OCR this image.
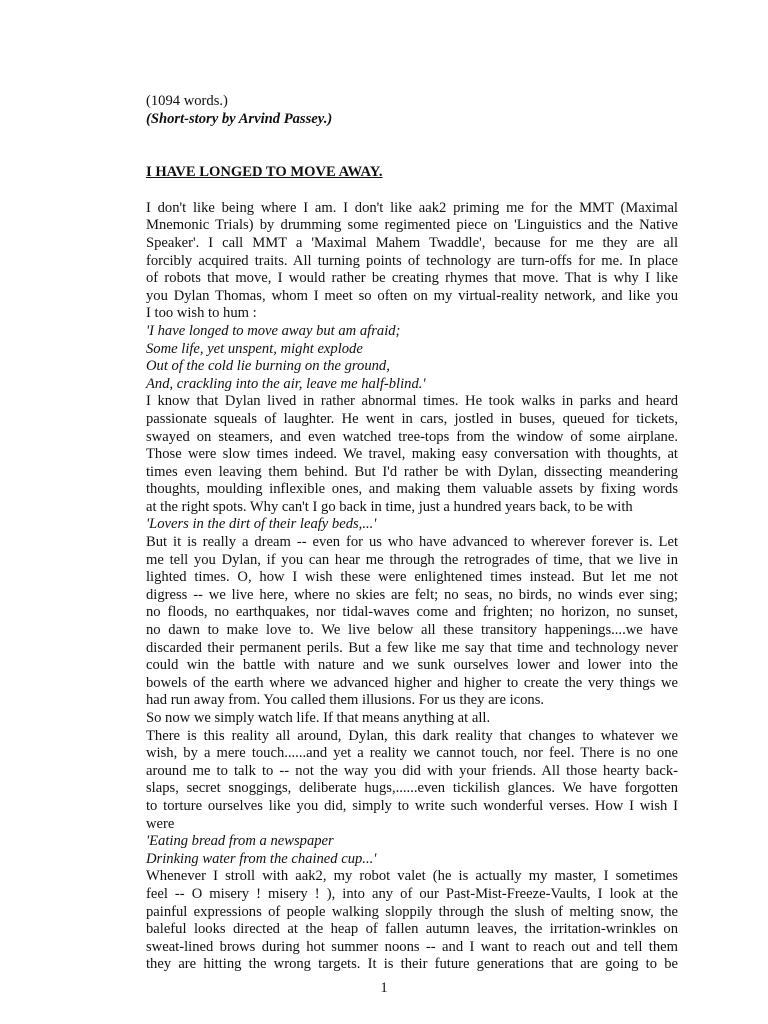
(1094 words.)
(Short-story by Arvind Passey.)
I HAVE LONGED TO MOVE AWAY.
I don't like being where I am. I don't like aak2 priming me for the MMT (Maximal
Mnemonic Trials) by drumming some regimented piece on 'Linguistics and the Native
Speaker'. I call MMT a 'Maximal Mahem Twaddle', because for me they are all
forcibly acquired traits. All turning points of technology are turn-offs for me. In place
of robots that move, I would rather be creating rhymes that move. That is why I like
you Dylan Thomas, whom I meet so often on my virtual-reality network, and like you
I too wish to hum :
'I have longed to move away but am afraid;
Some life, yet unspent, might explode
Out of the cold lie burning on the ground,
And, crackling into the air, leave me half-blind.'
I know that Dylan lived in rather abnormal times. He took walks in parks and heard
passionate squeals of laughter. He went in cars, jostled in buses, queued for tickets,
swayed on steamers, and even watched tree-tops from the window of some airplane.
Those were slow times indeed. We travel, making easy conversation with thoughts, at
times even leaving them behind. But I'd rather be with Dylan, dissecting meandering
thoughts, moulding inflexible ones, and making them valuable assets by fixing words
at the right spots. Why can't I go back in time, just a hundred years back, to be with
'Lovers in the dirt of their leafy beds,...'
But it is really a dream -- even for us who have advanced to wherever forever is. Let
me tell you Dylan, if you can hear me through the retrogrades of time, that we live in
lighted times. O, how I wish these were enlightened times instead. But let me not
digress -- we live here, where no skies are felt; no seas, no birds, no winds ever sing;
no floods, no earthquakes, nor tidal-waves come and frighten; no horizon, no sunset,
no dawn to make love to. We live below all these transitory happenings....we have
discarded their permanent perils. But a few like me say that time and technology never
could win the battle with nature and we sunk ourselves lower and lower into the
bowels of the earth where we advanced higher and higher to create the very things we
had run away from. You called them illusions. For us they are icons.
So now we simply watch life. If that means anything at all.
There is this reality all around, Dylan, this dark reality that changes to whatever we
wish, by a mere touch......and yet a reality we cannot touch, nor feel. There is no one
around me to talk to -- not the way you did with your friends. All those hearty back-
slaps, secret snoggings, deliberate hugs,......even tickilish glances. We have forgotten
to torture ourselves like you did, simply to write such wonderful verses. How I wish I
were
'Eating bread from a newspaper
Drinking water from the chained cup...'
Whenever I stroll with aak2, my robot valet (he is actually my master, I sometimes
feel -- O misery ! misery ! ), into any of our Past-Mist-Freeze-Vaults, I look at the
painful expressions of people walking sloppily through the slush of melting snow, the
baleful looks directed at the heap of fallen autumn leaves, the irritation-wrinkles on
sweat-lined brows during hot summer noons -- and I want to reach out and tell them
they are hitting the wrong targets. It is their future generations that are going to be
1
